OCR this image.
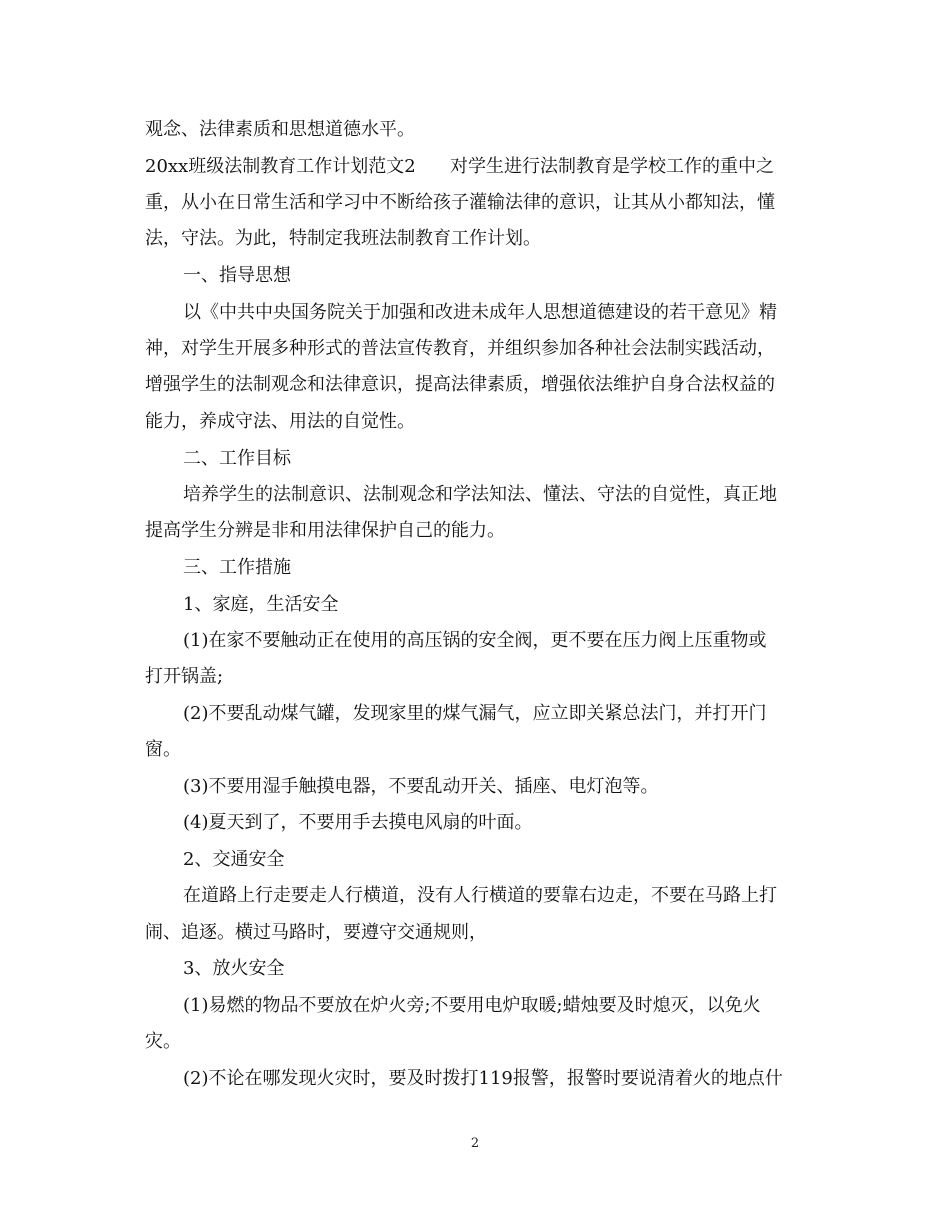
观念、法律素质和思想道德水平。
20xx班级法制教育工作计划范文2      对学生进行法制教育是学校工作的重中之
重，从小在日常生活和学习中不断给孩子灌输法律的意识，让其从小都知法，懂
法，守法。为此，特制定我班法制教育工作计划。
一、指导思想
以《中共中央国务院关于加强和改进未成年人思想道德建设的若干意见》精
神，对学生开展多种形式的普法宣传教育，并组织参加各种社会法制实践活动，
增强学生的法制观念和法律意识，提高法律素质，增强依法维护自身合法权益的
能力，养成守法、用法的自觉性。
二、工作目标
培养学生的法制意识、法制观念和学法知法、懂法、守法的自觉性，真正地
提高学生分辨是非和用法律保护自己的能力。
三、工作措施
1、家庭，生活安全
(1)在家不要触动正在使用的高压锅的安全阀，更不要在压力阀上压重物或
打开锅盖;
(2)不要乱动煤气罐，发现家里的煤气漏气，应立即关紧总法门，并打开门
窗。
(3)不要用湿手触摸电器，不要乱动开关、插座、电灯泡等。
(4)夏天到了，不要用手去摸电风扇的叶面。
2、交通安全
在道路上行走要走人行横道，没有人行横道的要靠右边走，不要在马路上打
闹、追逐。横过马路时，要遵守交通规则，
3、放火安全
(1)易燃的物品不要放在炉火旁;不要用电炉取暖;蜡烛要及时熄灭，以免火
灾。
(2)不论在哪发现火灾时，要及时拨打119报警，报警时要说清着火的地点什
2
